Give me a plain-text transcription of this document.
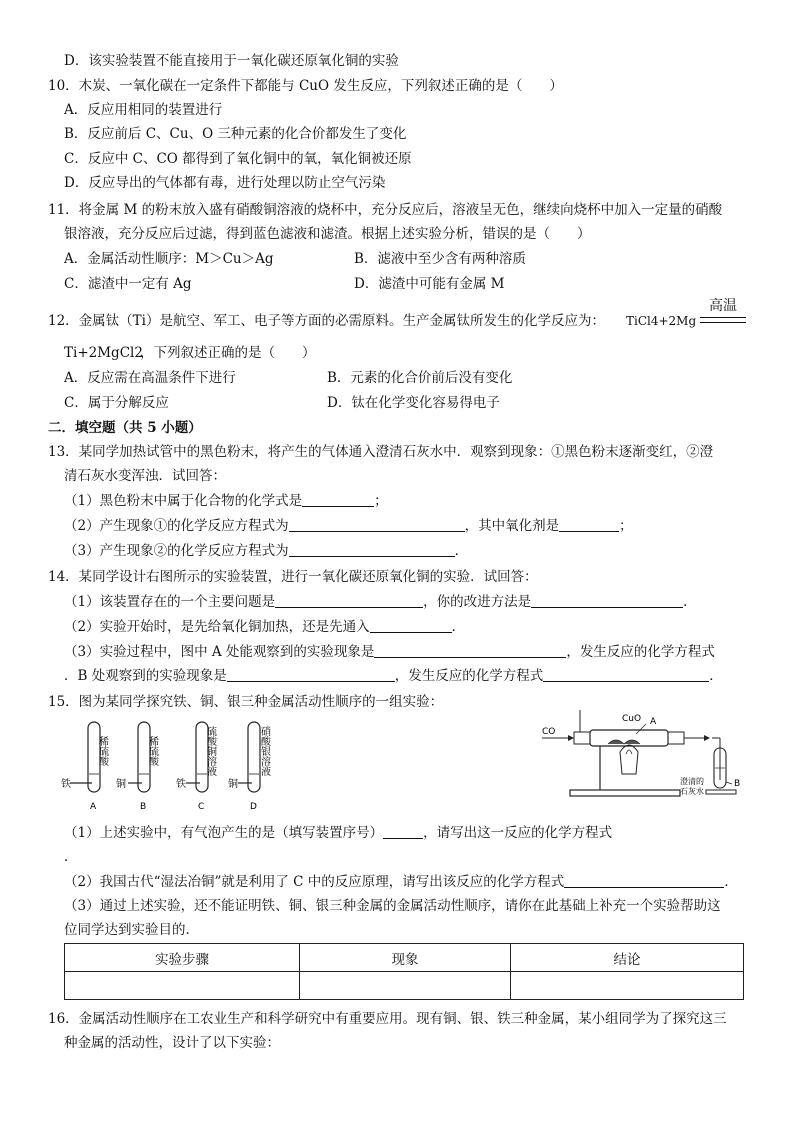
D．该实验装置不能直接用于一氧化碳还原氧化铜的实验
10．木炭、一氧化碳在一定条件下都能与 CuO 发生反应，下列叙述正确的是（　　）
A．反应用相同的装置进行
B．反应前后 C、Cu、O 三种元素的化合价都发生了变化
C．反应中 C、CO 都得到了氧化铜中的氧，氧化铜被还原
D．反应导出的气体都有毒，进行处理以防止空气污染
11．将金属 M 的粉末放入盛有硝酸铜溶液的烧杯中，充分反应后，溶液呈无色，继续向烧杯中加入一定量的硝酸
银溶液，充分反应后过滤，得到蓝色滤液和滤渣。根据上述实验分析，错误的是（　　）
A．金属活动性顺序：M＞Cu＞Ag	B．滤液中至少含有两种溶质
C．滤渣中一定有 Ag	D．滤渣中可能有金属 M
12．金属钛（Ti）是航空、军工、电子等方面的必需原料。生产金属钛所发生的化学反应为： TiCl4+2Mg
高温
Ti+2MgCl2
，下列叙述正确的是（　　）
A．反应需在高温条件下进行	B．元素的化合价前后没有变化
C．属于分解反应	D．钛在化学变化容易得电子
二．填空题（共 5 小题）
13．某同学加热试管中的黑色粉末，将产生的气体通入澄清石灰水中．观察到现象：①黑色粉末逐渐变红，②澄
清石灰水变浑浊．试回答：
（1）黑色粉末中属于化合物的化学式是	；
（2）产生现象①的化学反应方程式为	，其中氧化剂是	；
（3）产生现象②的化学反应方程式为	．
14．某同学设计右图所示的实验装置，进行一氧化碳还原氧化铜的实验．试回答：
（1）该装置存在的一个主要问题是	，你的改进方法是	．
（2）实验开始时，是先给氧化铜加热，还是先通入	．
（3）实验过程中，图中 A 处能观察到的实验现象是	，发生反应的化学方程式
．B 处观察到的实验现象是	，发生反应的化学方程式	．
15．图为某同学探究铁、铜、银三种金属活动性顺序的一组实验：
稀硫酸
铁
A
稀硫酸
铜
B
硫酸铜溶液
铁
C
硝酸银溶液
铜
D
CO
CuO A
B
澄清的
石灰水
（1）上述实验中，有气泡产生的是（填写装置序号）	，请写出这一反应的化学方程式
．
（2）我国古代“湿法冶铜”就是利用了 C 中的反应原理，请写出该反应的化学方程式	．
（3）通过上述实验，还不能证明铁、铜、银三种金属的金属活动性顺序，请你在此基础上补充一个实验帮助这
位同学达到实验目的．
实验步骤	现象	结论

16．金属活动性顺序在工农业生产和科学研究中有重要应用。现有铜、银、铁三种金属，某小组同学为了探究这三
种金属的活动性，设计了以下实验：
